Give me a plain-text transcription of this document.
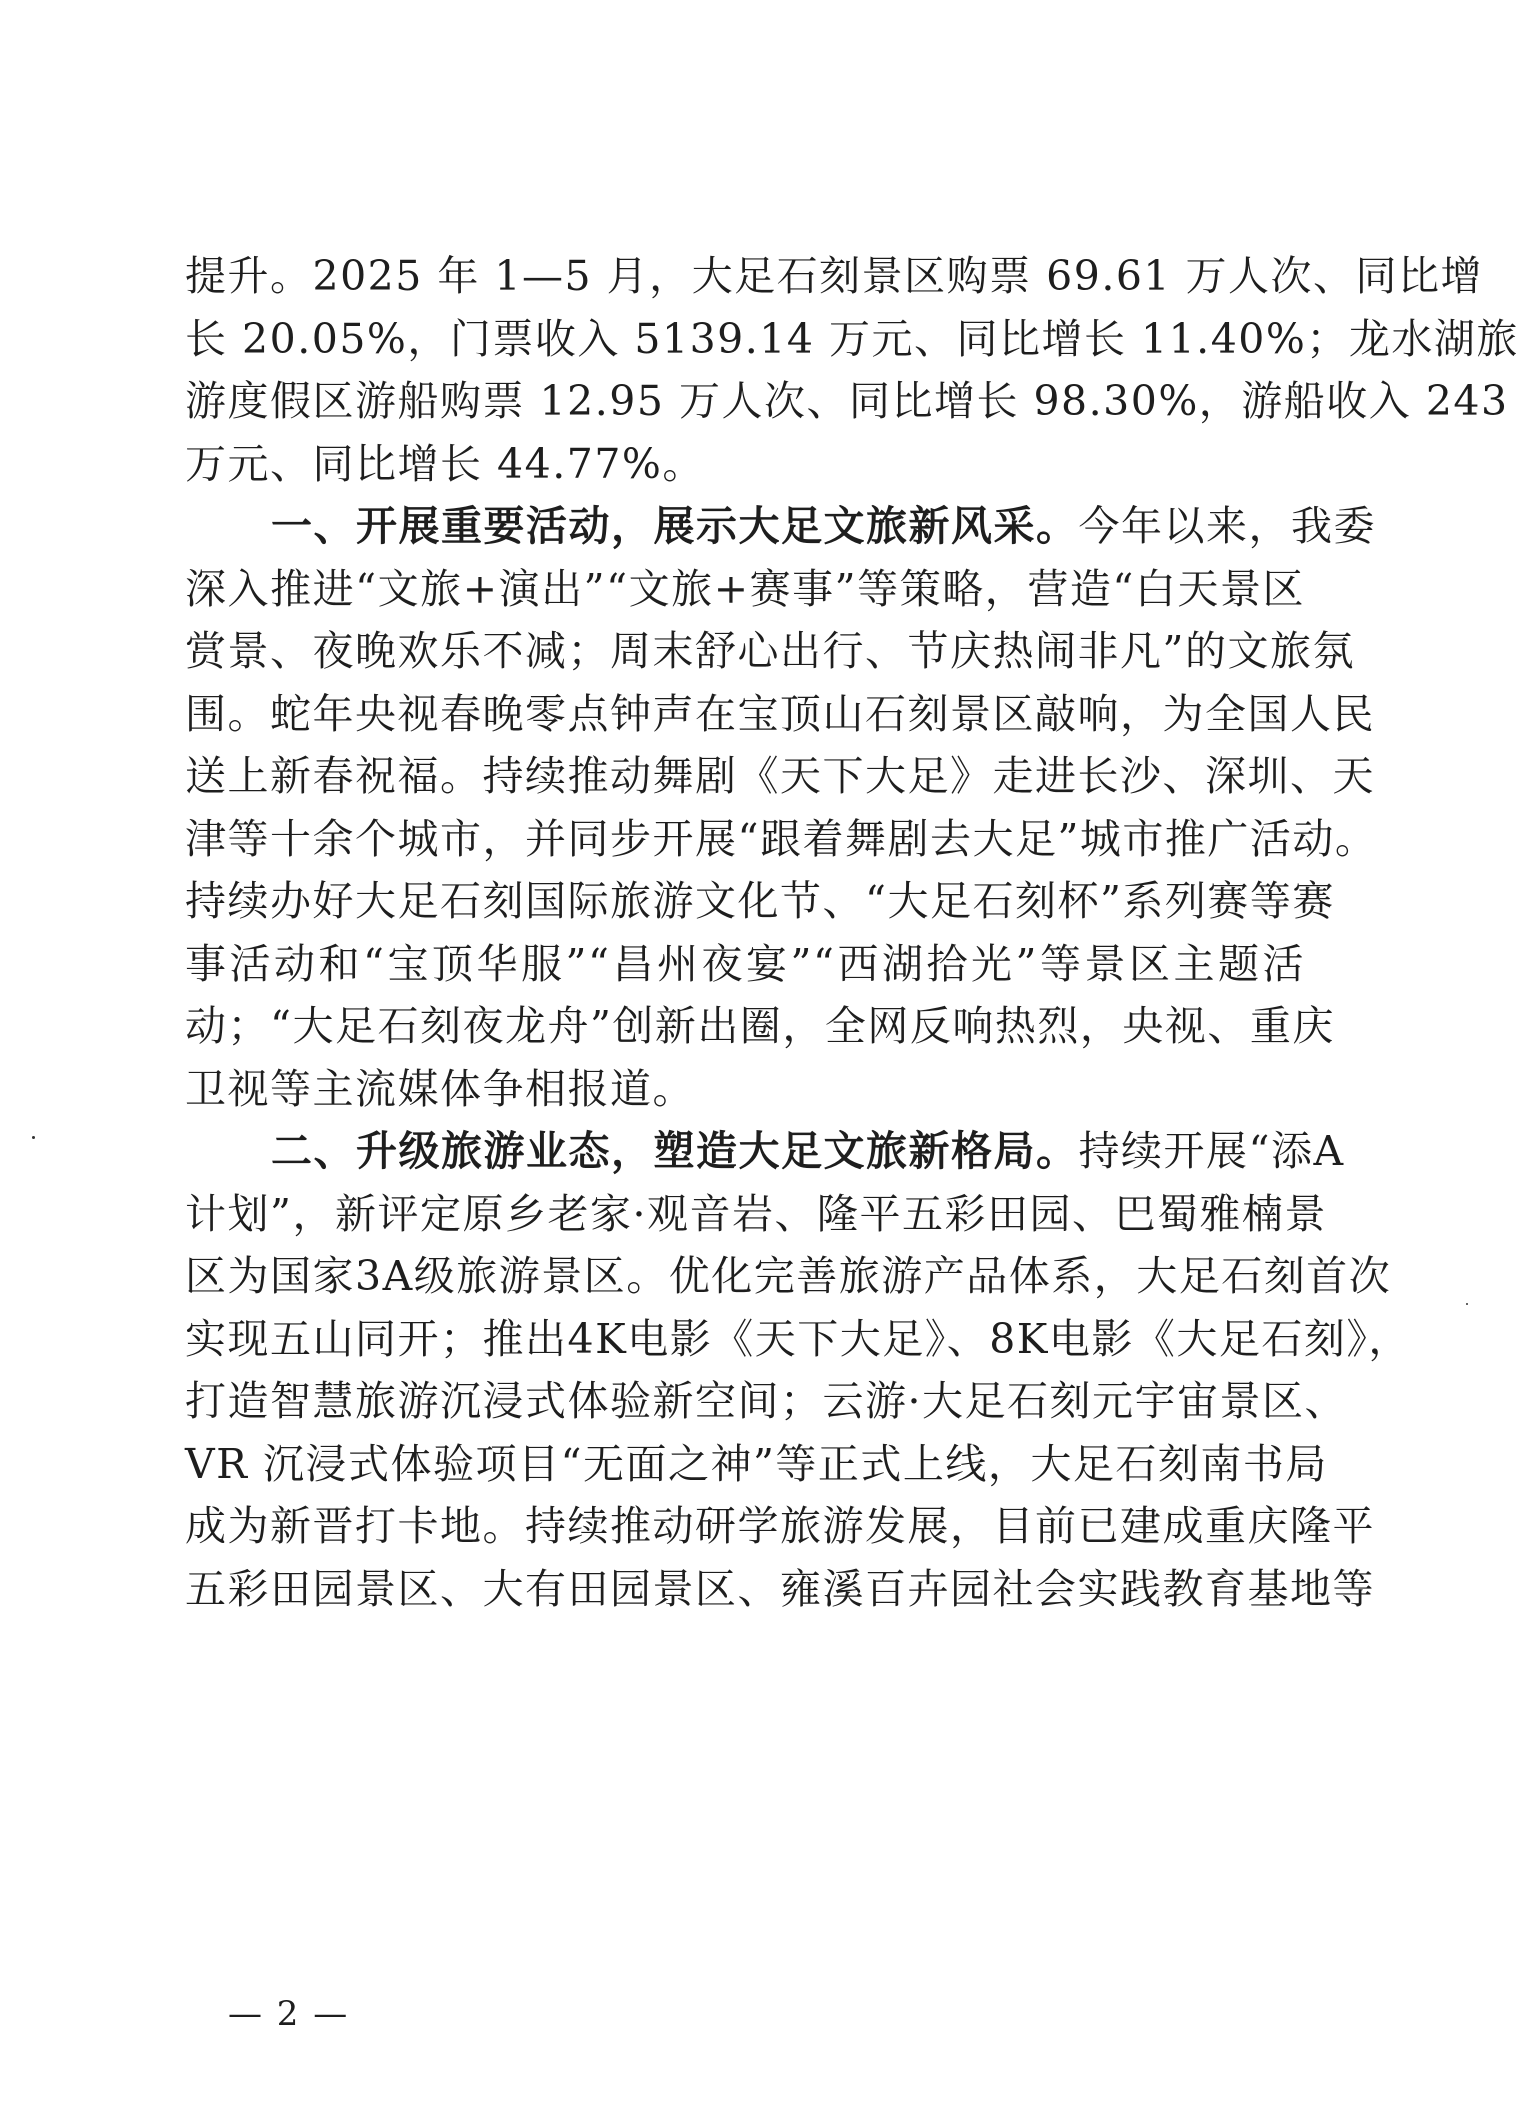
提升。2025 年 1—5 月，大足石刻景区购票 69.61 万人次、同比增
长 20.05%，门票收入 5139.14 万元、同比增长 11.40%；龙水湖旅
游度假区游船购票 12.95 万人次、同比增长 98.30%，游船收入 243
万元、同比增长 44.77%。
一、开展重要活动，展示大足文旅新风采。今年以来，我委
深入推进“文旅+演出”“文旅+赛事”等策略，营造“白天景区
赏景、夜晚欢乐不减；周末舒心出行、节庆热闹非凡”的文旅氛
围。蛇年央视春晚零点钟声在宝顶山石刻景区敲响，为全国人民
送上新春祝福。持续推动舞剧《天下大足》走进长沙、深圳、天
津等十余个城市，并同步开展“跟着舞剧去大足”城市推广活动。
持续办好大足石刻国际旅游文化节、“大足石刻杯”系列赛等赛
事活动和“宝顶华服”“昌州夜宴”“西湖拾光”等景区主题活
动；“大足石刻夜龙舟”创新出圈，全网反响热烈，央视、重庆
卫视等主流媒体争相报道。
二、升级旅游业态，塑造大足文旅新格局。持续开展“添A
计划”，新评定原乡老家·观音岩、隆平五彩田园、巴蜀雅楠景
区为国家3A级旅游景区。优化完善旅游产品体系，大足石刻首次
实现五山同开；推出4K电影《天下大足》、8K电影《大足石刻》，
打造智慧旅游沉浸式体验新空间；云游·大足石刻元宇宙景区、
VR 沉浸式体验项目“无面之神”等正式上线，大足石刻南书局
成为新晋打卡地。持续推动研学旅游发展，目前已建成重庆隆平
五彩田园景区、大有田园景区、雍溪百卉园社会实践教育基地等
— 2 —
